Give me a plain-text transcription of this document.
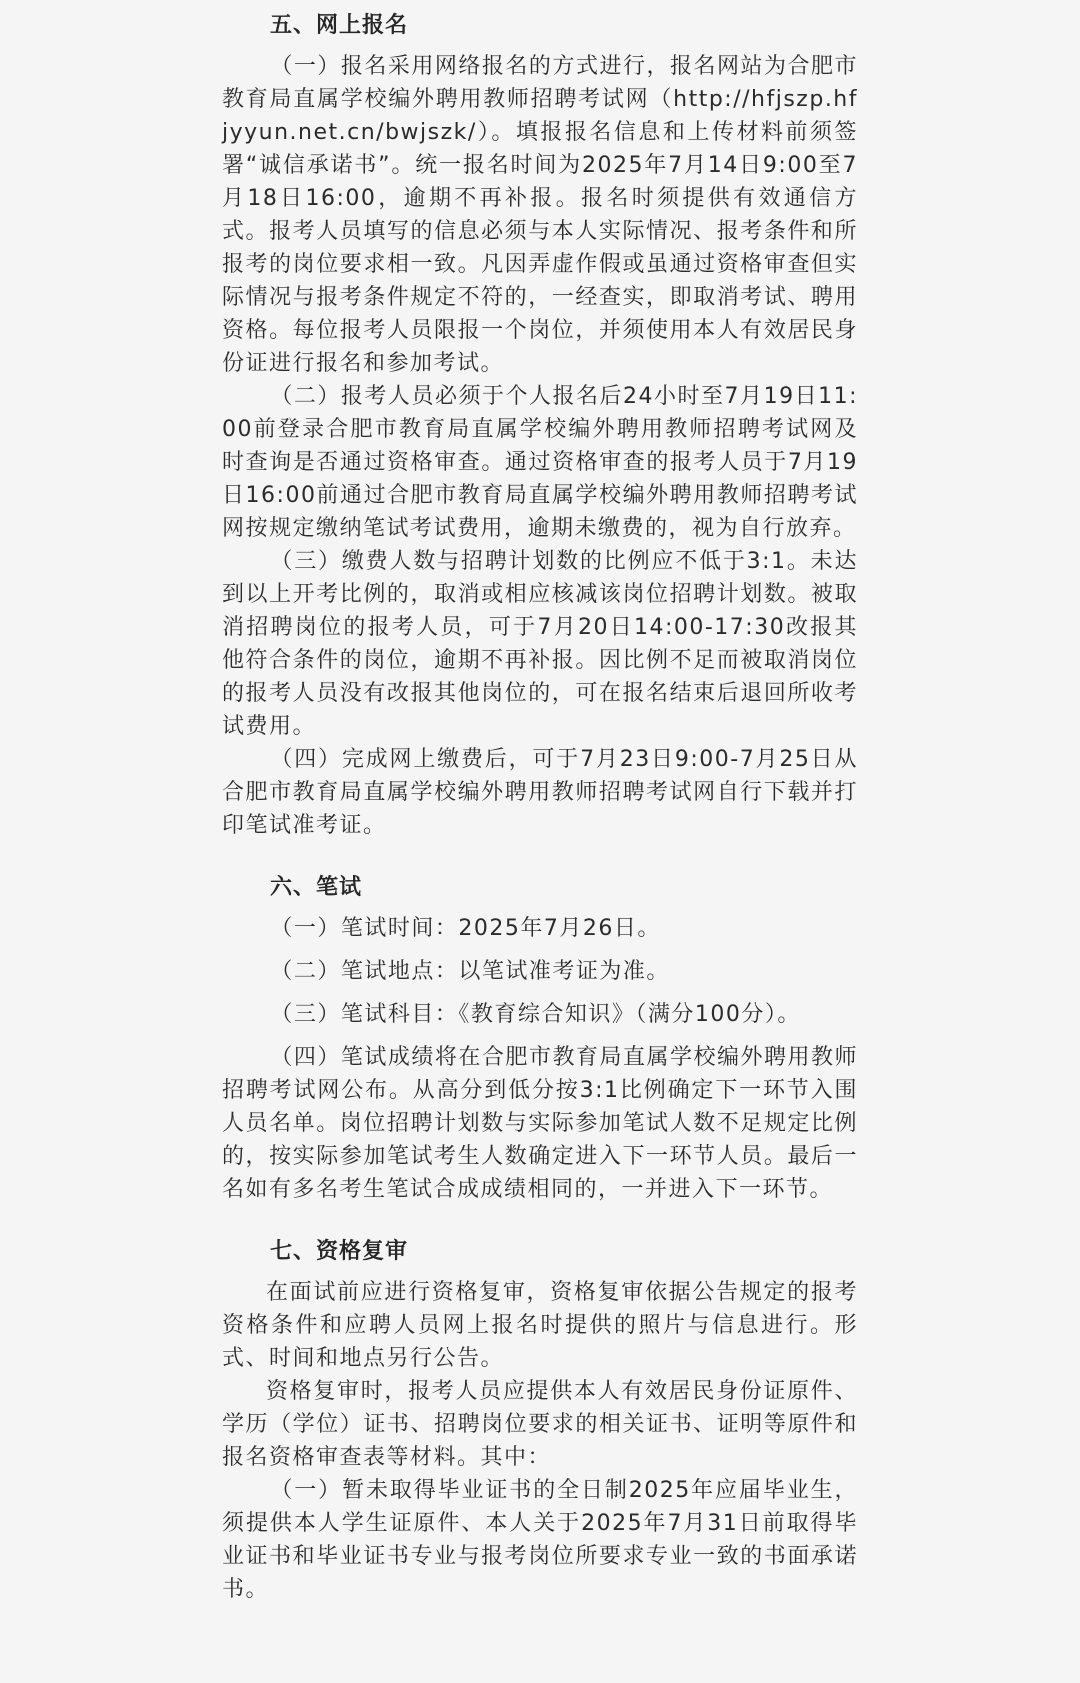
五、网上报名

（一）报名采用网络报名的方式进行，报名网站为合肥市教育局直属学校编外聘用教师招聘考试网（http://hfjszp.hfjyyun.net.cn/bwjszk/）。填报报名信息和上传材料前须签署“诚信承诺书”。统一报名时间为2025年7月14日9:00至7月18日16:00，逾期不再补报。报名时须提供有效通信方式。报考人员填写的信息必须与本人实际情况、报考条件和所报考的岗位要求相一致。凡因弄虚作假或虽通过资格审查但实际情况与报考条件规定不符的，一经查实，即取消考试、聘用资格。每位报考人员限报一个岗位，并须使用本人有效居民身份证进行报名和参加考试。

（二）报考人员必须于个人报名后24小时至7月19日11:00前登录合肥市教育局直属学校编外聘用教师招聘考试网及时查询是否通过资格审查。通过资格审查的报考人员于7月19日16:00前通过合肥市教育局直属学校编外聘用教师招聘考试网按规定缴纳笔试考试费用，逾期未缴费的，视为自行放弃。

（三）缴费人数与招聘计划数的比例应不低于3:1。未达到以上开考比例的，取消或相应核减该岗位招聘计划数。被取消招聘岗位的报考人员，可于7月20日14:00-17:30改报其他符合条件的岗位，逾期不再补报。因比例不足而被取消岗位的报考人员没有改报其他岗位的，可在报名结束后退回所收考试费用。

（四）完成网上缴费后，可于7月23日9:00-7月25日从合肥市教育局直属学校编外聘用教师招聘考试网自行下载并打印笔试准考证。

六、笔试

（一）笔试时间：2025年7月26日。

（二）笔试地点：以笔试准考证为准。

（三）笔试科目：《教育综合知识》（满分100分）。

（四）笔试成绩将在合肥市教育局直属学校编外聘用教师招聘考试网公布。从高分到低分按3:1比例确定下一环节入围人员名单。岗位招聘计划数与实际参加笔试人数不足规定比例的，按实际参加笔试考生人数确定进入下一环节人员。最后一名如有多名考生笔试合成成绩相同的，一并进入下一环节。

七、资格复审

在面试前应进行资格复审，资格复审依据公告规定的报考资格条件和应聘人员网上报名时提供的照片与信息进行。形式、时间和地点另行公告。

资格复审时，报考人员应提供本人有效居民身份证原件、学历（学位）证书、招聘岗位要求的相关证书、证明等原件和报名资格审查表等材料。其中：

（一）暂未取得毕业证书的全日制2025年应届毕业生，须提供本人学生证原件、本人关于2025年7月31日前取得毕业证书和毕业证书专业与报考岗位所要求专业一致的书面承诺书。
